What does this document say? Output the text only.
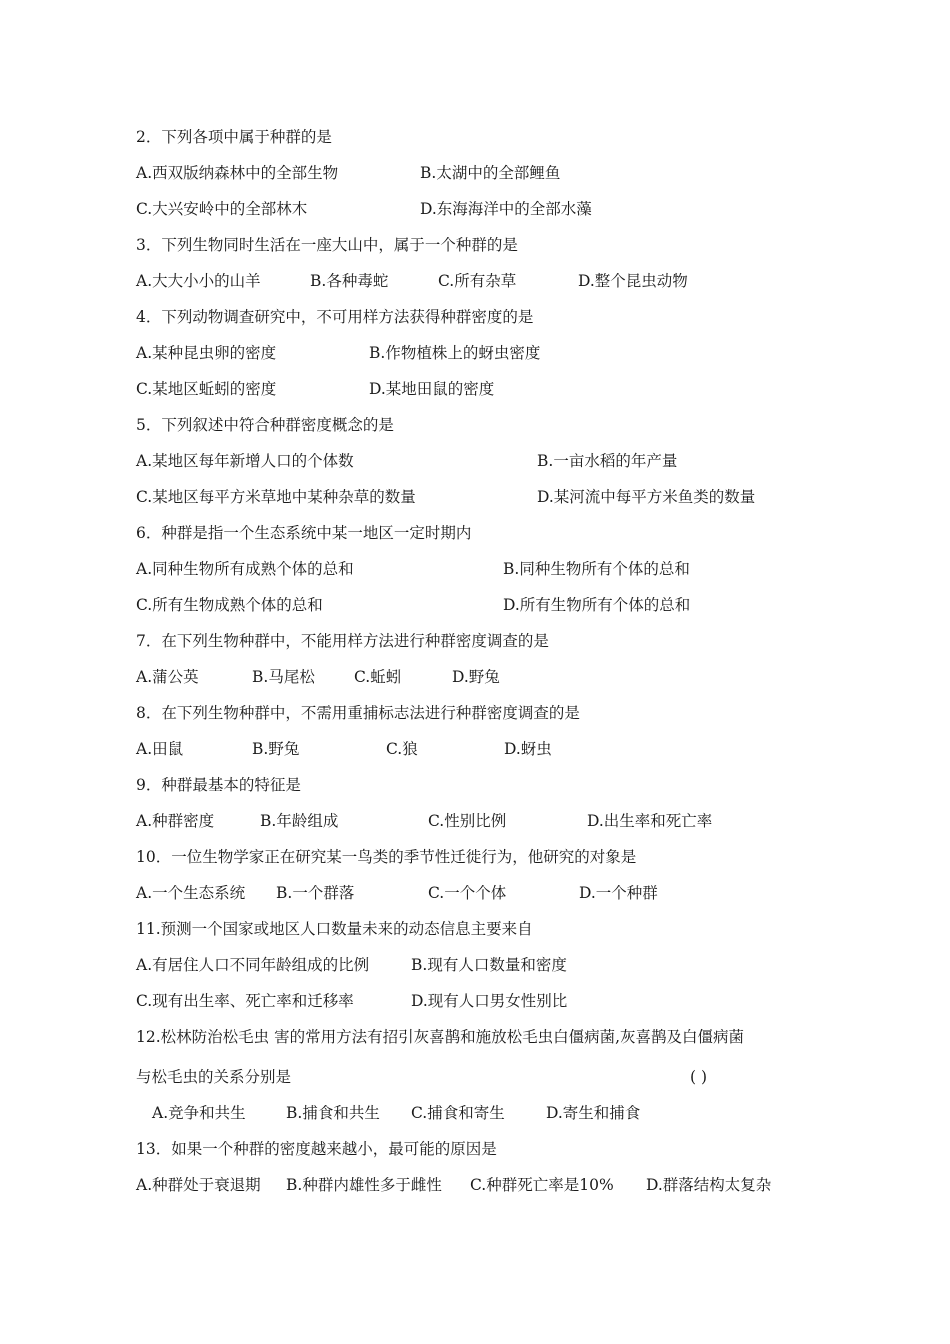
2．下列各项中属于种群的是
A.西双版纳森林中的全部生物	B.太湖中的全部鲤鱼
C.大兴安岭中的全部林木	D.东海海洋中的全部水藻
3．下列生物同时生活在一座大山中，属于一个种群的是
A.大大小小的山羊	B.各种毒蛇	C.所有杂草	D.整个昆虫动物
4．下列动物调查研究中，不可用样方法获得种群密度的是
A.某种昆虫卵的密度	B.作物植株上的蚜虫密度
C.某地区蚯蚓的密度	D.某地田鼠的密度
5．下列叙述中符合种群密度概念的是
A.某地区每年新增人口的个体数	B.一亩水稻的年产量
C.某地区每平方米草地中某种杂草的数量	D.某河流中每平方米鱼类的数量
6．种群是指一个生态系统中某一地区一定时期内
A.同种生物所有成熟个体的总和	B.同种生物所有个体的总和
C.所有生物成熟个体的总和	D.所有生物所有个体的总和
7．在下列生物种群中，不能用样方法进行种群密度调查的是
A.蒲公英	B.马尾松	C.蚯蚓	D.野兔
8．在下列生物种群中，不需用重捕标志法进行种群密度调查的是
A.田鼠	B.野兔	C.狼	D.蚜虫
9．种群最基本的特征是
A.种群密度	B.年龄组成	C.性别比例	D.出生率和死亡率
10．一位生物学家正在研究某一鸟类的季节性迁徙行为，他研究的对象是
A.一个生态系统 B.一个群落	C.一个个体	D.一个种群
11.预测一个国家或地区人口数量未来的动态信息主要来自
A.有居住人口不同年龄组成的比例	B.现有人口数量和密度
C.现有出生率、死亡率和迁移率	D.现有人口男女性别比
12.松林防治松毛虫 害的常用方法有招引灰喜鹊和施放松毛虫白僵病菌,灰喜鹊及白僵病菌
与松毛虫的关系分别是	( )
A.竞争和共生	B.捕食和共生 C.捕食和寄生	D.寄生和捕食
13．如果一个种群的密度越来越小，最可能的原因是
A.种群处于衰退期 B.种群内雄性多于雌性 C.种群死亡率是10% D.群落结构太复杂
